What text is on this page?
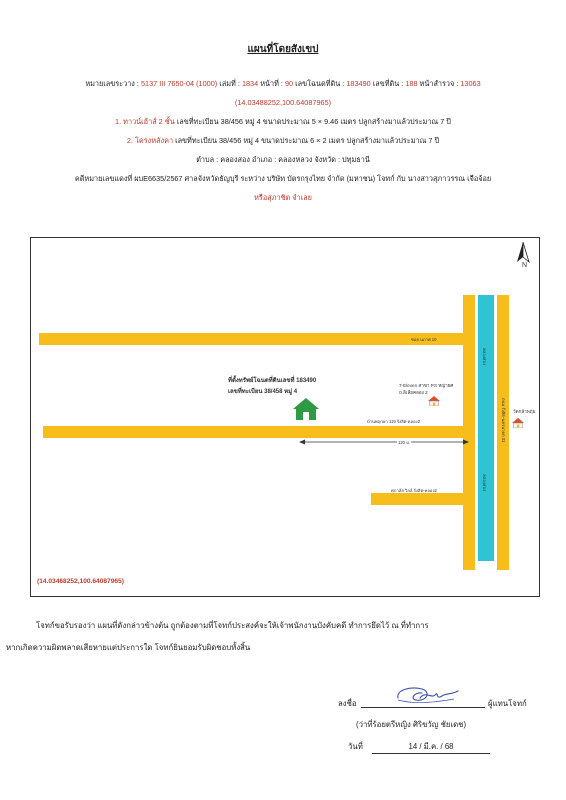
แผนที่โดยสังเขป
หมายเลขระวาง : 5137 III 7650-04 (1000) เล่มที่ : 1834 หน้าที่ : 90 เลขโฉนดที่ดิน : 183490 เลขที่ดิน : 188 หน้าสำรวจ : 13063
(14.03488252,100.64087965)
1. ทาวน์เฮ้าส์ 2 ชั้น เลขที่ทะเบียน 38/456 หมู่ 4 ขนาดประมาณ 5 × 9.46 เมตร ปลูกสร้างมาแล้วประมาณ 7 ปี
2. โครงหลังคา เลขที่ทะเบียน 38/456 หมู่ 4 ขนาดประมาณ 6 × 2 เมตร ปลูกสร้างมาแล้วประมาณ 7 ปี
ตำบล : คลองสอง อำเภอ : คลองหลวง จังหวัด : ปทุมธานี
คดีหมายเลขแดงที่ ผบE6635/2567 ศาลจังหวัดธัญบุรี ระหว่าง บริษัท บัตรกรุงไทย จำกัด (มหาชน) โจทก์ กับ นางสาวสุภาวรรณ เจือจ้อย
หรือสุภาชิต จำเลย
N
ซอย นภาศ 10
บ้านพฤกษา 119 รังสิต-คลอง2
ศุภาลัย วิลล์ รังสิต-คลอง2
คลองสอง
คลองสอง
ถนน รังสิต-นครนายก 31
ที่ตั้งทรัพย์โฉนดที่ดินเลขที่ 183490
เลขที่ทะเบียน 38/458 หมู่ 4
120 ม.
7-Eleven สาขา PS หญ่ายศ
ถ.ลิเลียคลอง 2
วัดกล้าพฤ่ม
(14.03468252,100.64087965)
โจทก์ขอรับรองว่า แผนที่ดังกล่าวข้างต้น ถูกต้องตามที่โจทก์ประสงค์จะให้เจ้าพนักงานบังคับคดี ทำการยึดไว้ ณ ที่ทำการ
หากเกิดความผิดพลาดเสียหายแต่ประการใด โจทก์ยินยอมรับผิดชอบทั้งสิ้น
ลงชื่อ	ผู้แทนโจทก์
(ว่าที่ร้อยตรีหญิง ศิริขวัญ ชัยเดช)
วันที่	14 / มี.ค. / 68
